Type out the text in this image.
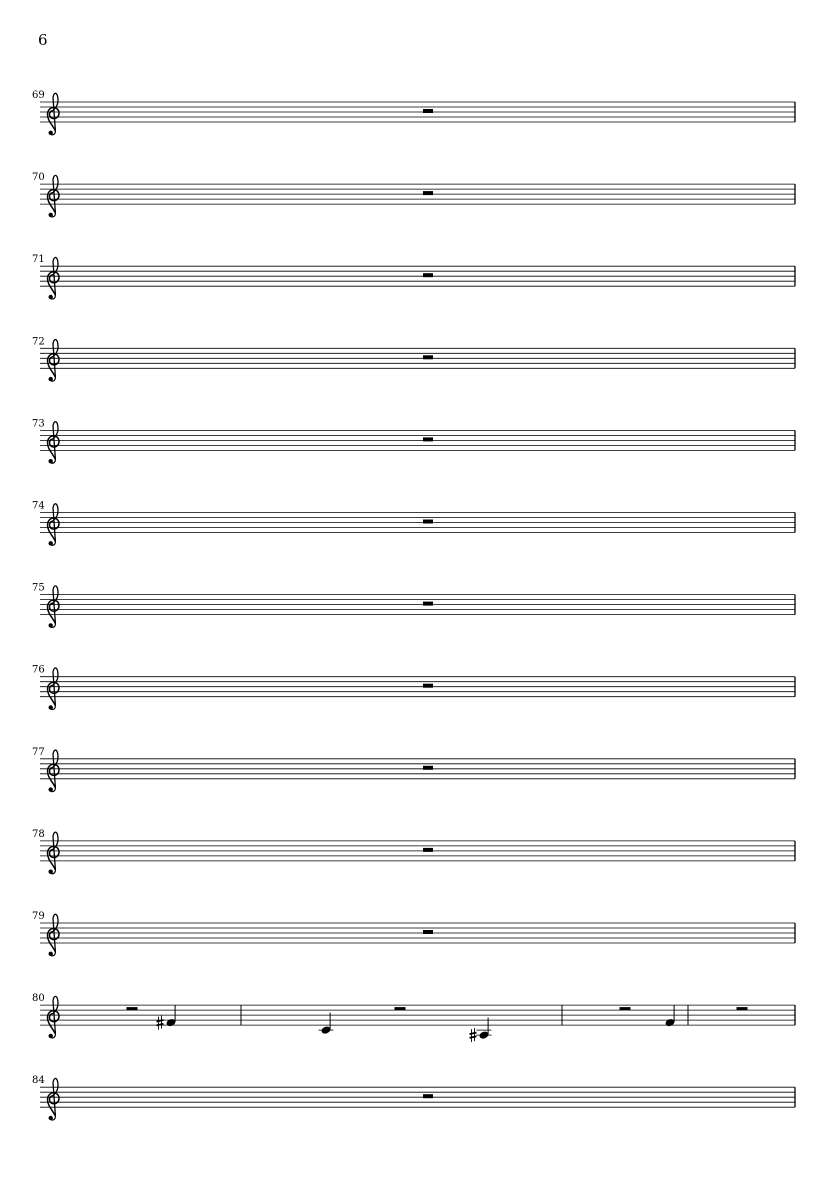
6
69
70
71
72
73
74
75
76
77
78
79
80
84
